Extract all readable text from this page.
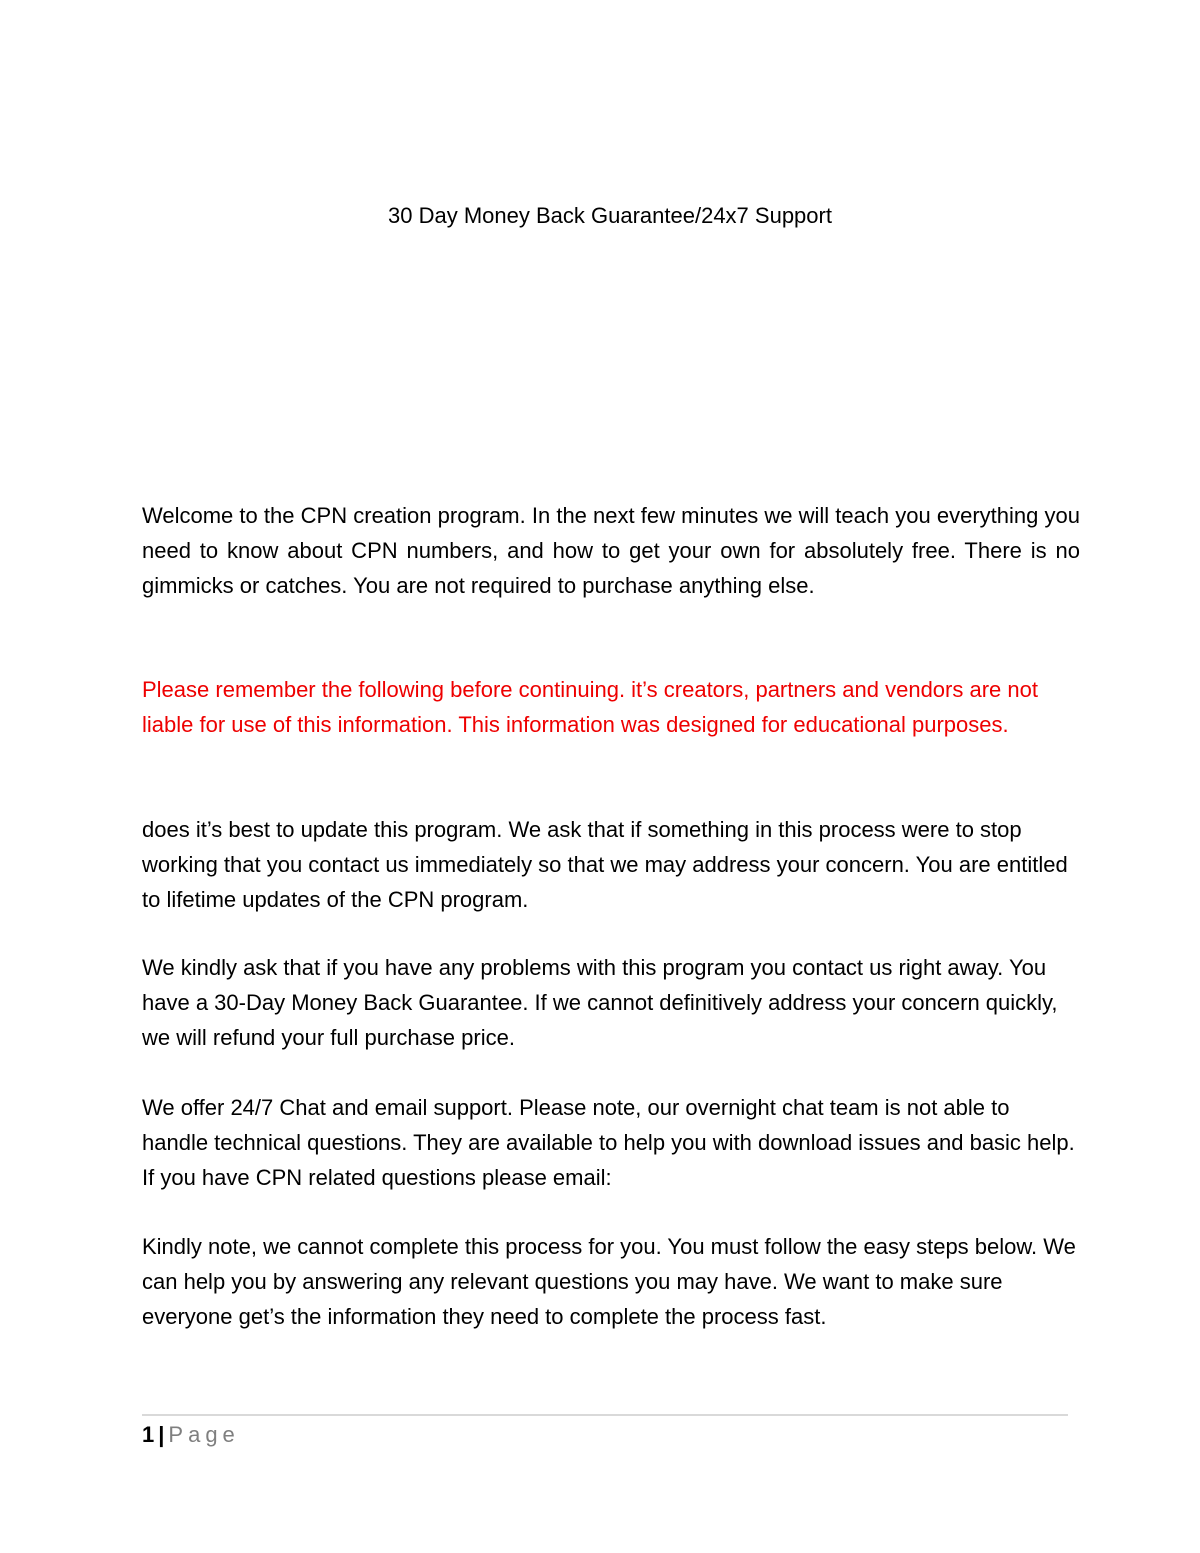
30 Day Money Back Guarantee/24x7 Support

Welcome to the CPN creation program. In the next few minutes we will teach you everything you need to know about CPN numbers, and how to get your own for absolutely free. There is no gimmicks or catches. You are not required to purchase anything else.

Please remember the following before continuing. it’s creators, partners and vendors are not liable for use of this information. This information was designed for educational purposes.

does it’s best to update this program. We ask that if something in this process were to stop working that you contact us immediately so that we may address your concern. You are entitled to lifetime updates of the CPN program.

We kindly ask that if you have any problems with this program you contact us right away. You have a 30-Day Money Back Guarantee. If we cannot definitively address your concern quickly, we will refund your full purchase price.

We offer 24/7 Chat and email support. Please note, our overnight chat team is not able to handle technical questions. They are available to help you with download issues and basic help. If you have CPN related questions please email:

Kindly note, we cannot complete this process for you. You must follow the easy steps below. We can help you by answering any relevant questions you may have. We want to make sure everyone get’s the information they need to complete the process fast.

1 | Page
